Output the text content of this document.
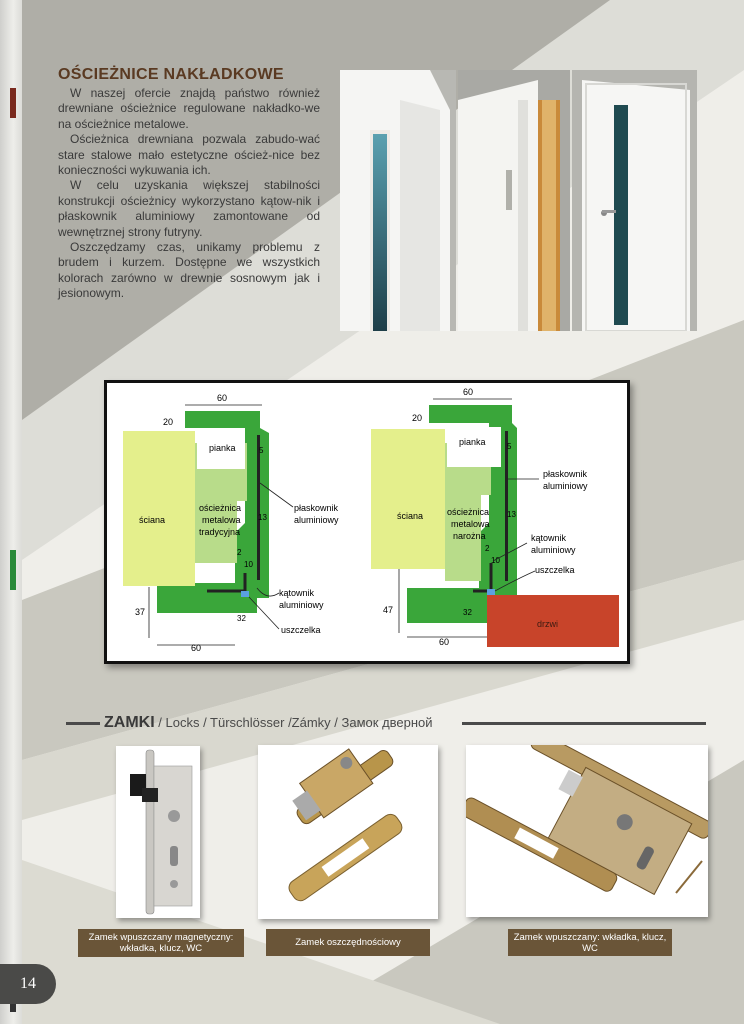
OŚCIEŻNICE NAKŁADKOWE

W naszej ofercie znajdą państwo również drewniane ościeżnice regulowane nakładko-we na ościeżnice metalowe.

Ościeżnica drewniana pozwala zabudo-wać stare stalowe mało estetyczne oścież-nice bez konieczności wykuwania ich.

W celu uzyskania większej stabilności konstrukcji ościeżnicy wykorzystano kątow-nik i płaskownik aluminiowy zamontowane od wewnętrznej strony futryny.

Oszczędzamy czas, unikamy problemu z brudem i kurzem. Dostępne we wszystkich kolorach zarówno w drewnie sosnowym jak i jesionowym.

60
20
ściana
pianka
ościeżnica
metalowa
tradycyjna
5
13
2
10
32
37
60
płaskownik
aluminiowy
kątownik
aluminiowy
uszczelka
60
20
ściana
pianka
ościeżnica
metalowa
narożna
5
13
2
10
32
47
60
płaskownik
aluminiowy
kątownik
aluminiowy
uszczelka
drzwi
ZAMKI / Locks / Türschlösser /Zámky / Замок дверной
Zamek wpuszczany magnetyczny: wkładka, klucz, WC
Zamek oszczędnościowy	Zamek wpuszczany: wkładka, klucz, WC
14
